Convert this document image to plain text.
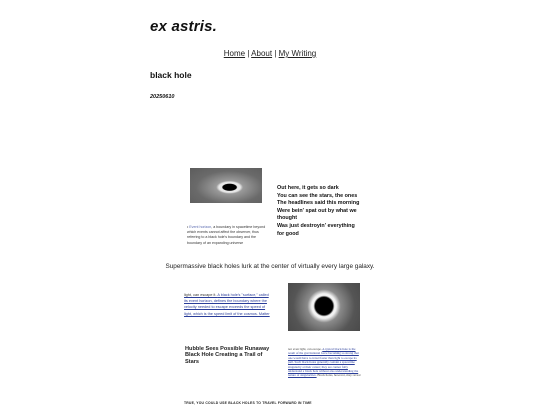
ex astris.
Home | About | My Writing
black hole
20250610
• Event horizon, a boundary in spacetime beyond which events cannot affect the observer, thus referring to a black hole's boundary and the boundary of an expanding universe
Out here, it gets so dark
You can see the stars, the ones
The headlines said this morning
Were bein' spat out by what we
thought
Was just destroyin' everything
for good
Supermassive black holes lurk at the center of virtually every large galaxy.
light, can escape it. A black hole's "surface," called its event horizon, defines the boundary where the velocity needed to escape exceeds the speed of light, which is the speed limit of the cosmos. Matter
Hubble Sees Possible Runaway Black Hole Creating a Trail of Stars
not even light, can escape. A typical black hole is the result of the gravitational force becoming so strong that one would have to travel faster than light to escape its pull. Such black holes generally contain a spacetime singularity at their center; they are cannot fully understand a black hole without also understanding the nature of singularities. Black holes, however, may reveal
TRUE, YOU COULD USE BLACK HOLES TO TRAVEL FORWARD IN TIME
